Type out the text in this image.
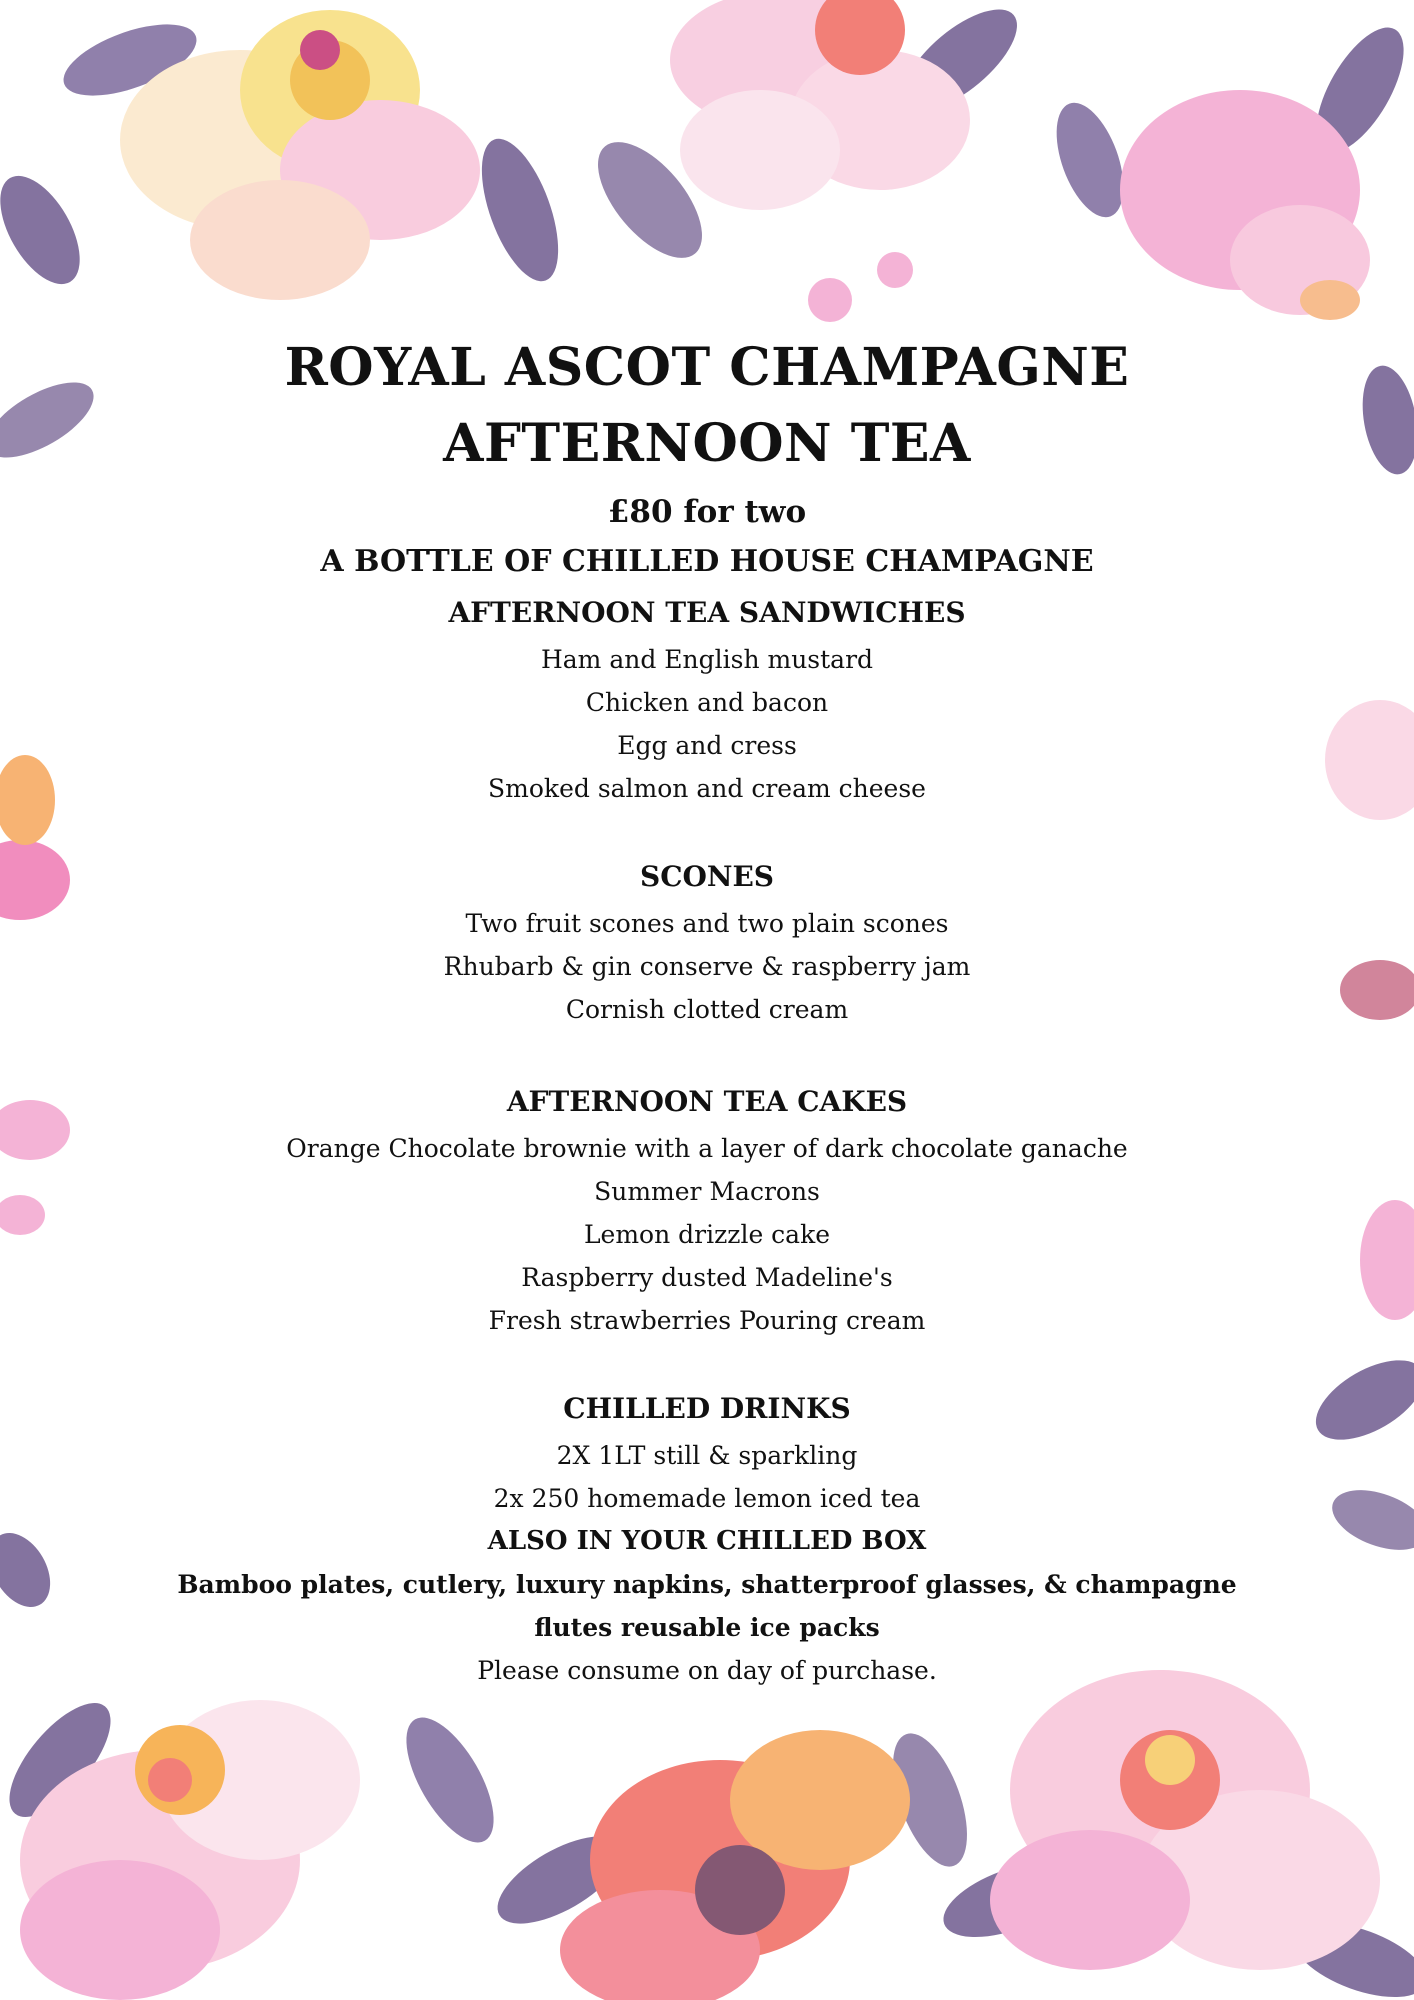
ROYAL ASCOT CHAMPAGNE

AFTERNOON TEA

£80 for two

A BOTTLE OF CHILLED HOUSE CHAMPAGNE

AFTERNOON TEA SANDWICHES

Ham and English mustard

Chicken and bacon

Egg and cress

Smoked salmon and cream cheese

SCONES

Two fruit scones and two plain scones

Rhubarb & gin conserve & raspberry jam

Cornish clotted cream

AFTERNOON TEA CAKES

Orange Chocolate brownie with a layer of dark chocolate ganache

Summer Macrons

Lemon drizzle cake

Raspberry dusted Madeline's

Fresh strawberries Pouring cream

CHILLED DRINKS

2X 1LT still & sparkling

2x 250 homemade lemon iced tea

ALSO IN YOUR CHILLED BOX

Bamboo plates, cutlery, luxury napkins, shatterproof glasses, & champagne

flutes reusable ice packs

Please consume on day of purchase.
